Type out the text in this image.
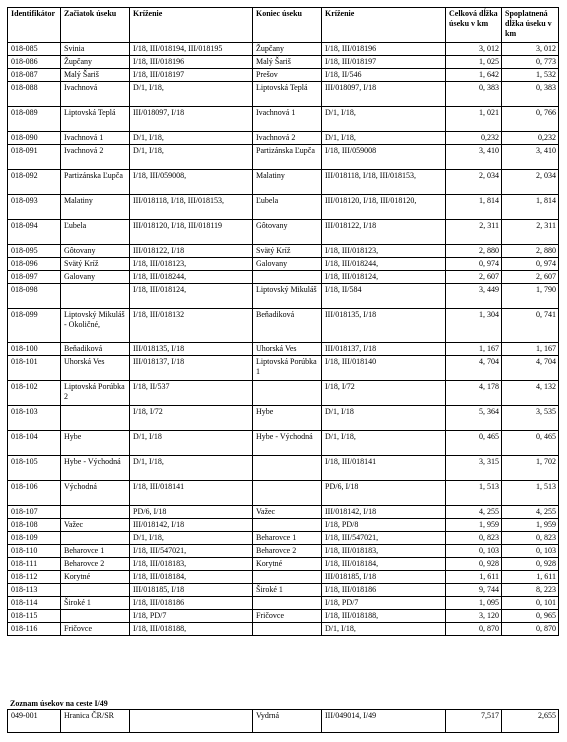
Identifikátor	Začiatok úseku	Kríženie	Koniec úseku	Kríženie	Celková dĺžka úseku v km	Spoplatnená dĺžka úseku v km
018-085	Svinia	I/18, III/018194, III/018195	Župčany	I/18, III/018196	3, 012	3, 012
018-086	Župčany	I/18, III/018196	Malý Šariš	I/18, III/018197	1, 025	0, 773
018-087	Malý Šariš	I/18, III/018197	Prešov	I/18, II/546	1, 642	1, 532
018-088	Ivachnová	D/1, I/18,	Liptovská Teplá	III/018097, I/18	0, 383	0, 383
018-089	Liptovská Teplá	III/018097, I/18	Ivachnová 1	D/1, I/18,	1, 021	0, 766
018-090	Ivachnová 1	D/1, I/18,	Ivachnová 2	D/1, I/18,	0,232	0,232
018-091	Ivachnová 2	D/1, I/18,	Partizánska Ľupča	I/18, III/059008	3, 410	3, 410
018-092	Partizánska Ľupča	I/18, III/059008,	Malatiny	III/018118, I/18, III/018153,	2, 034	2, 034
018-093	Malatiny	III/018118, I/18, III/018153,	Ľubela	III/018120, I/18, III/018120,	1, 814	1, 814
018-094	Ľubela	III/018120, I/18, III/018119	Gôtovany	III/018122, I/18	2, 311	2, 311
018-095	Gôtovany	III/018122, I/18	Svätý Kríž	I/18, III/018123,	2, 880	2, 880
018-096	Svätý Kríž	I/18, III/018123,	Galovany	I/18, III/018244,	0, 974	0, 974
018-097	Galovany	I/18, III/018244,		I/18, III/018124,	2, 607	2, 607
018-098		I/18, III/018124,	Liptovský Mikuláš	I/18, II/584	3, 449	1, 790
018-099	Liptovský Mikuláš - Okoličné,	I/18, III/018132	Beňadiková	III/018135, I/18	1, 304	0, 741
018-100	Beňadiková	III/018135, I/18	Uhorská Ves	III/018137, I/18	1, 167	1, 167
018-101	Uhorská Ves	III/018137, I/18	Liptovská Porúbka 1	I/18, III/018140	4, 704	4, 704
018-102	Liptovská Porúbka 2	I/18, II/537		I/18, I/72	4, 178	4, 132
018-103		I/18, I/72	Hybe	D/1, I/18	5, 364	3, 535
018-104	Hybe	D/1, I/18	Hybe - Východná	D/1, I/18,	0, 465	0, 465
018-105	Hybe - Východná	D/1, I/18,		I/18, III/018141	3, 315	1, 702
018-106	Východná	I/18, III/018141		PD/6, I/18	1, 513	1, 513
018-107		PD/6, I/18	Važec	III/018142, I/18	4, 255	4, 255
018-108	Važec	III/018142, I/18		I/18, PD/8	1, 959	1, 959
018-109		D/1, I/18,	Beharovce 1	I/18, III/547021,	0, 823	0, 823
018-110	Beharovce 1	I/18, III/547021,	Beharovce 2	I/18, III/018183,	0, 103	0, 103
018-111	Beharovce 2	I/18, III/018183,	Korytné	I/18, III/018184,	0, 928	0, 928
018-112	Korytné	I/18, III/018184,		III/018185, I/18	1, 611	1, 611
018-113		III/018185, I/18	Široké 1	I/18, III/018186	9, 744	8, 223
018-114	Široké 1	I/18, III/018186		I/18, PD/7	1, 095	0, 101
018-115		I/18, PD/7	Fričovce	I/18, III/018188,	3, 120	0, 965
018-116	Fričovce	I/18, III/018188,		D/1, I/18,	0, 870	0, 870
Zoznam úsekov na ceste I/49
049-001	Hranica ČR/SR		Vydrná	III/049014, I/49	7,517	2,655
